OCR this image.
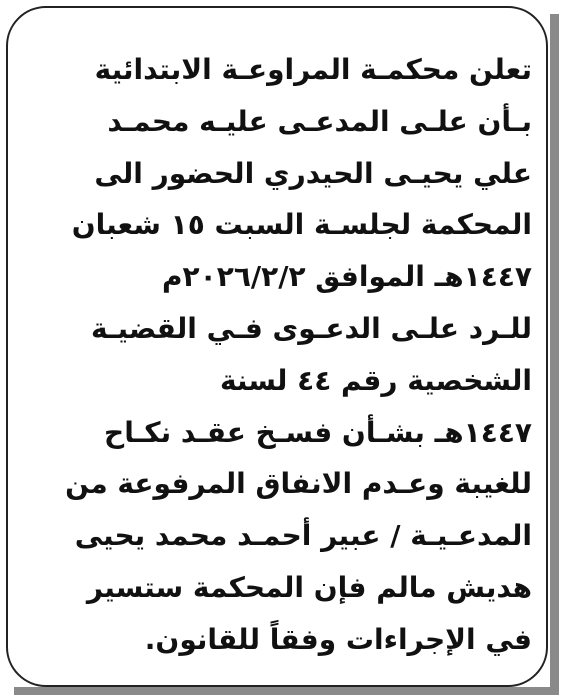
تعلن محكمـة المراوعـة الابتدائية
بـأن علـى المدعـى عليـه محمـد
علي يحيـى الحيدري الحضور الى
المحكمة لجلسـة السبت ١٥ شعبان
١٤٤٧هـ الموافق ٢٠٢٦/٢/٢م
للـرد علـى الدعـوى فـي القضيـة
الشخصية رقم ٤٤ لسنة
١٤٤٧هـ بشـأن فسـخ عقـد نكـاح
للغيبة وعـدم الانفاق المرفوعة من
المدعـيـة / عبير أحمـد محمد يحيى
هديش مالم فإن المحكمة ستسير
في الإجراءات وفقاً للقانون.
